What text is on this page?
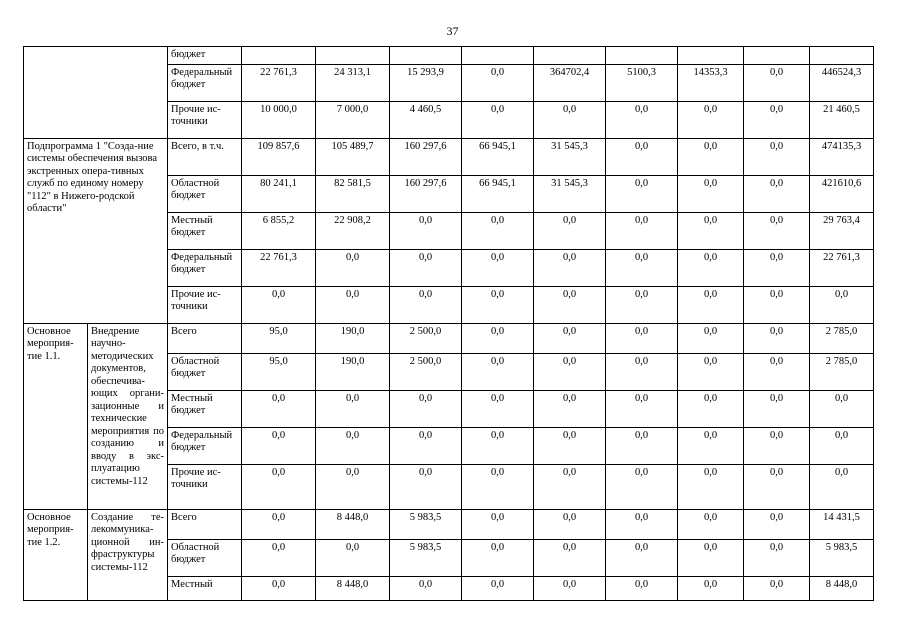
37
		бюджет									
		Федеральный бюджет	22 761,3	24 313,1	15 293,9	0,0	364702,4	5100,3	14353,3	0,0	446524,3
		Прочие ис-точники	10 000,0	7 000,0	4 460,5	0,0	0,0	0,0	0,0	0,0	21 460,5
Подпрограмма 1 "Созда-ние системы обеспечения вызова экстренных опера-тивных служб по единому номеру "112" в Нижего-родской области"		Всего, в т.ч.	109 857,6	105 489,7	160 297,6	66 945,1	31 545,3	0,0	0,0	0,0	474135,3
		Областной бюджет	80 241,1	82 581,5	160 297,6	66 945,1	31 545,3	0,0	0,0	0,0	421610,6
		Местный бюджет	6 855,2	22 908,2	0,0	0,0	0,0	0,0	0,0	0,0	29 763,4
		Федеральный бюджет	22 761,3	0,0	0,0	0,0	0,0	0,0	0,0	0,0	22 761,3
		Прочие ис-точники	0,0	0,0	0,0	0,0	0,0	0,0	0,0	0,0	0,0
Основное мероприя-тие 1.1.	Внедрение научно-методических документов, обеспечива-ющих органи-зационные и технические мероприятия по созданию и вводу в экс-плуатацию системы-112	Всего	95,0	190,0	2 500,0	0,0	0,0	0,0	0,0	0,0	2 785,0
		Областной бюджет	95,0	190,0	2 500,0	0,0	0,0	0,0	0,0	0,0	2 785,0
		Местный бюджет	0,0	0,0	0,0	0,0	0,0	0,0	0,0	0,0	0,0
		Федеральный бюджет	0,0	0,0	0,0	0,0	0,0	0,0	0,0	0,0	0,0
		Прочие ис-точники	0,0	0,0	0,0	0,0	0,0	0,0	0,0	0,0	0,0
Основное мероприя-тие 1.2.	Создание те-лекоммуника-ционной ин-фраструктуры системы-112	Всего	0,0	8 448,0	5 983,5	0,0	0,0	0,0	0,0	0,0	14 431,5
		Областной бюджет	0,0	0,0	5 983,5	0,0	0,0	0,0	0,0	0,0	5 983,5
		Местный	0,0	8 448,0	0,0	0,0	0,0	0,0	0,0	0,0	8 448,0
